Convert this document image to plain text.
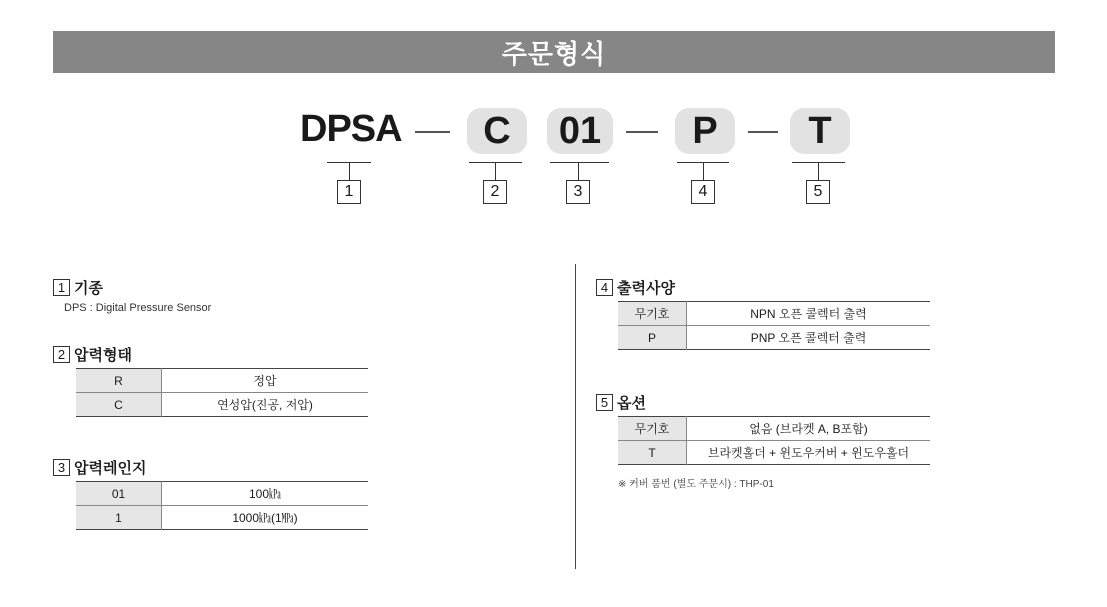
주문형식
DPSA	C	01	P	T
1	2	3	4	5
1 기종
DPS : Digital Pressure Sensor
2 압력형태
R	정압
C	연성압(진공, 저압)
3 압력레인지
01	100㎪
1	1000㎪(1㎫)
4 출력사양
무기호	NPN 오픈 콜렉터 출력
P	PNP 오픈 콜렉터 출력
5 옵션
무기호	없음 (브라켓 A, B포함)
T	브라켓홀더 + 윈도우커버 + 윈도우홀더
※ 커버 품번 (별도 주문시) : THP-01
